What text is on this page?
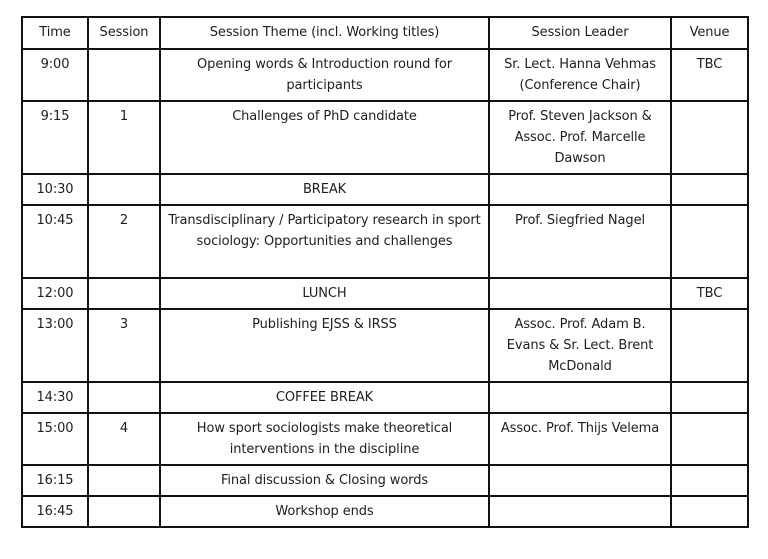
Time	Session	Session Theme (incl. Working titles)	Session Leader	Venue
9:00		Opening words & Introduction round for participants	Sr. Lect. Hanna Vehmas (Conference Chair)	TBC
9:15	1	Challenges of PhD candidate	Prof. Steven Jackson & Assoc. Prof. Marcelle Dawson	
10:30		BREAK		
10:45	2	Transdisciplinary / Participatory research in sport sociology: Opportunities and challenges	Prof. Siegfried Nagel	
12:00		LUNCH		TBC
13:00	3	Publishing EJSS & IRSS	Assoc. Prof. Adam B. Evans & Sr. Lect. Brent McDonald	
14:30		COFFEE BREAK		
15:00	4	How sport sociologists make theoretical interventions in the discipline	Assoc. Prof. Thijs Velema	
16:15		Final discussion & Closing words		
16:45		Workshop ends		
